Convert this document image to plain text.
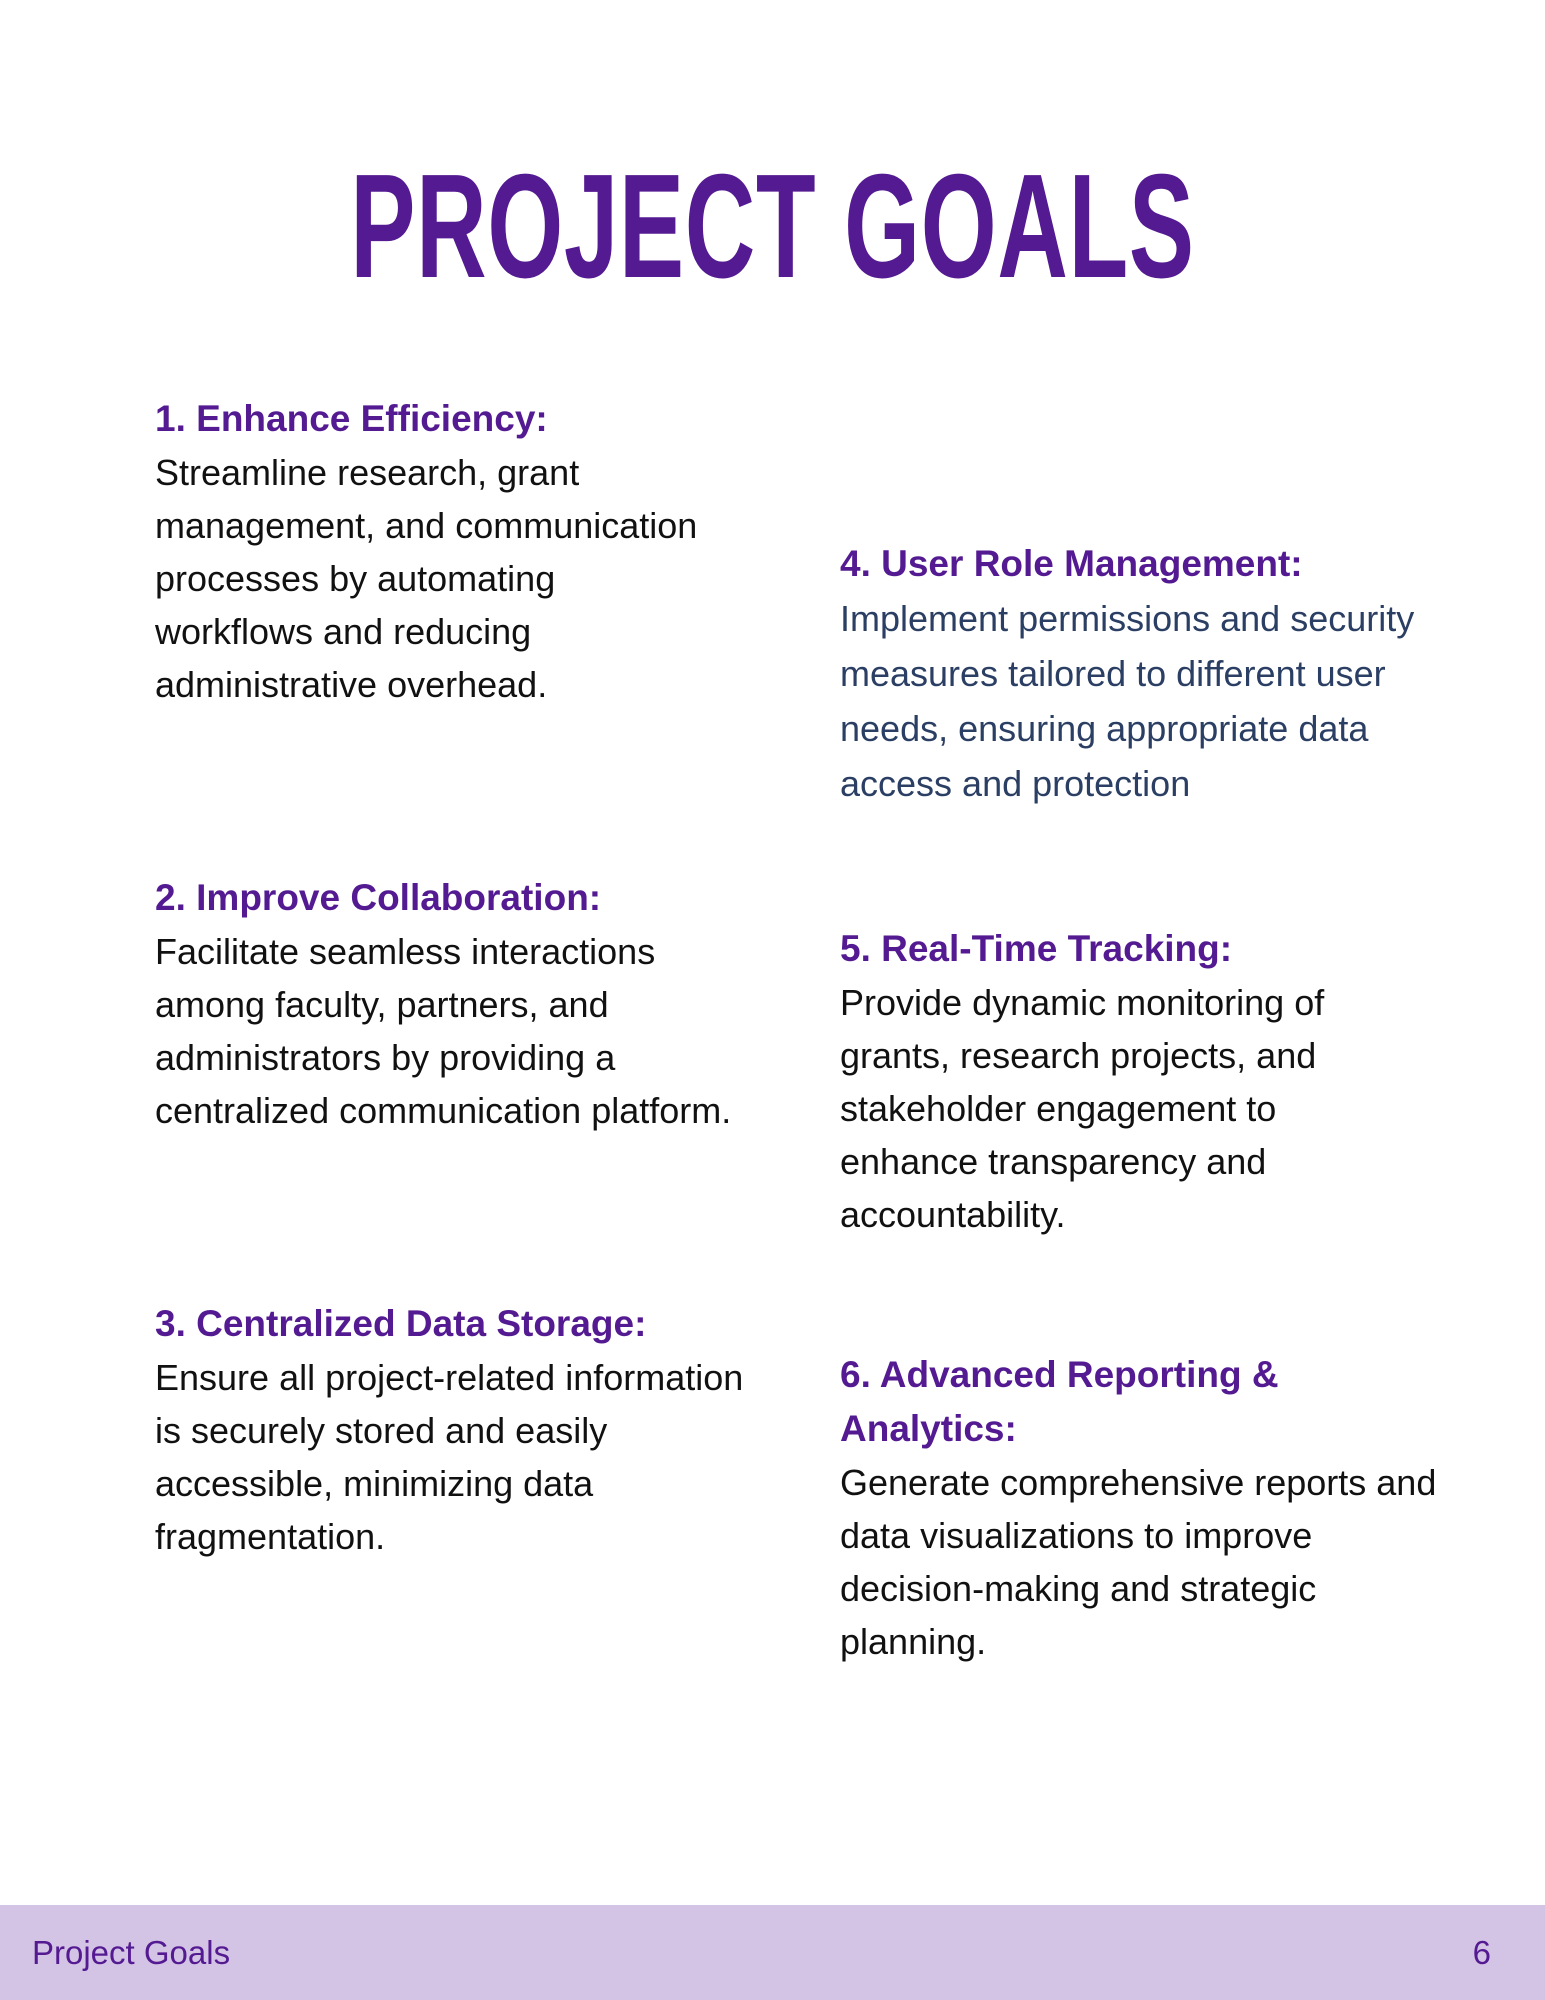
PROJECT GOALS

1. Enhance Efficiency:

Streamline research, grant management, and communication processes by automating workflows and reducing administrative overhead.

2. Improve Collaboration:

Facilitate seamless interactions among faculty, partners, and administrators by providing a centralized communication platform.

3. Centralized Data Storage:

Ensure all project-related information is securely stored and easily accessible, minimizing data fragmentation.

4. User Role Management:

Implement permissions and security measures tailored to different user needs, ensuring appropriate data access and protection

5. Real-Time Tracking:

Provide dynamic monitoring of grants, research projects, and stakeholder engagement to enhance transparency and accountability.

6. Advanced Reporting & Analytics:

Generate comprehensive reports and data visualizations to improve decision-making and strategic planning.

Project Goals	6
